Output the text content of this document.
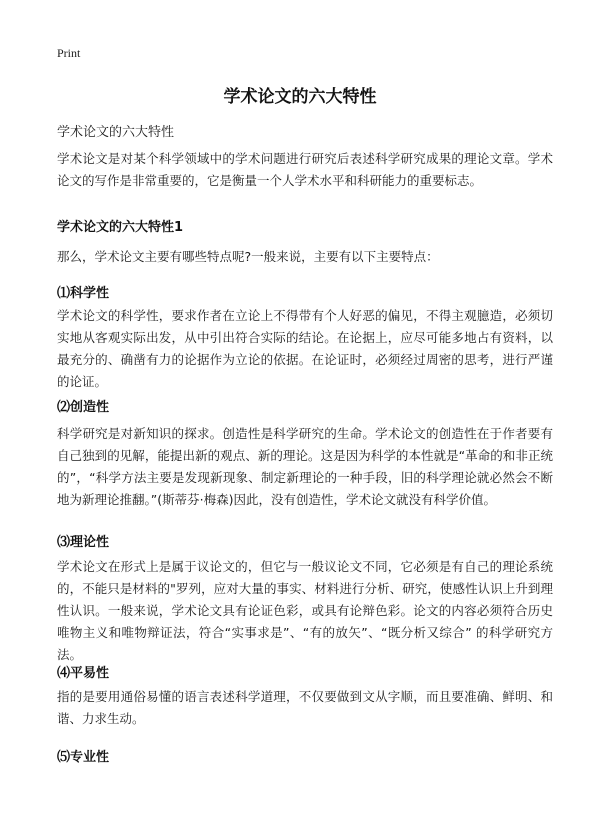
Print
学术论文的六大特性

学术论文的六大特性

学术论文是对某个科学领域中的学术问题进行研究后表述科学研究成果的理论文章。学术论文的写作是非常重要的，它是衡量一个人学术水平和科研能力的重要标志。

学术论文的六大特性1

那么，学术论文主要有哪些特点呢?一般来说，主要有以下主要特点：

⑴科学性

学术论文的科学性，要求作者在立论上不得带有个人好恶的偏见，不得主观臆造，必须切实地从客观实际出发，从中引出符合实际的结论。在论据上，应尽可能多地占有资料，以最充分的、确凿有力的论据作为立论的依据。在论证时，必须经过周密的思考，进行严谨的论证。

⑵创造性

科学研究是对新知识的探求。创造性是科学研究的生命。学术论文的创造性在于作者要有自己独到的见解，能提出新的观点、新的理论。这是因为科学的本性就是“革命的和非正统的”，“科学方法主要是发现新现象、制定新理论的一种手段，旧的科学理论就必然会不断地为新理论推翻。”(斯蒂芬·梅森)因此，没有创造性，学术论文就没有科学价值。

⑶理论性

学术论文在形式上是属于议论文的，但它与一般议论文不同，它必须是有自己的理论系统的，不能只是材料的"罗列，应对大量的事实、材料进行分析、研究，使感性认识上升到理性认识。一般来说，学术论文具有论证色彩，或具有论辩色彩。论文的内容必须符合历史唯物主义和唯物辩证法，符合“实事求是”、“有的放矢”、“既分析又综合” 的科学研究方法。

⑷平易性

指的是要用通俗易懂的语言表述科学道理，不仅要做到文从字顺，而且要准确、鲜明、和谐、力求生动。

⑸专业性
